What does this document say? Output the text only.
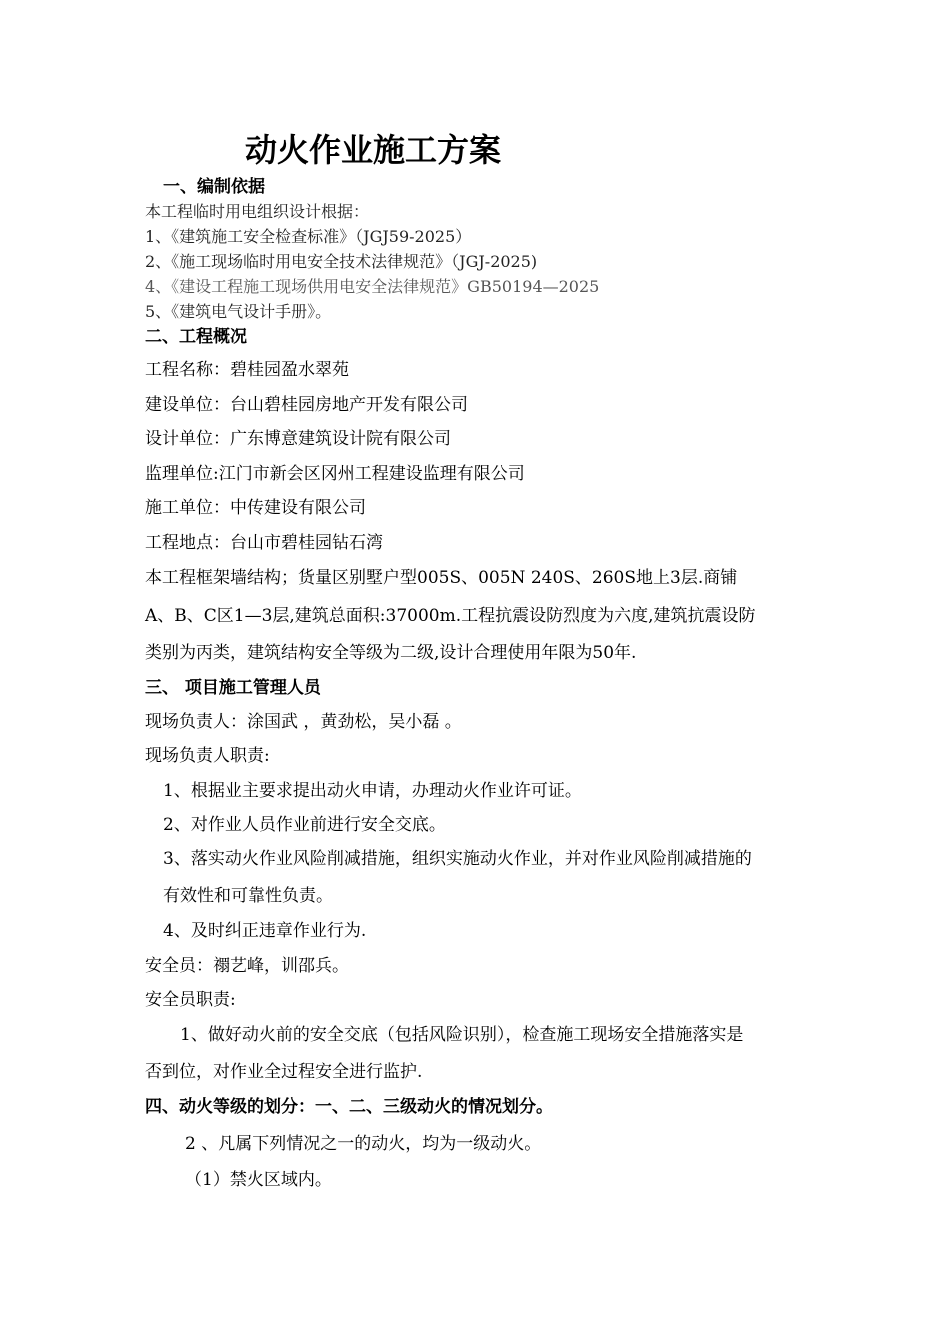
动火作业施工方案
一、编制依据
本工程临时用电组织设计根据：
1、《建筑施工安全检查标准》（JGJ59-2025）
2、《施工现场临时用电安全技术法律规范》（JGJ-2025)
4、《建设工程施工现场供用电安全法律规范》GB50194—2025
5、《建筑电气设计手册》。
二、工程概况
工程名称：碧桂园盈水翠苑
建设单位：台山碧桂园房地产开发有限公司
设计单位：广东博意建筑设计院有限公司
监理单位:江门市新会区冈州工程建设监理有限公司
施工单位：中传建设有限公司
工程地点：台山市碧桂园钻石湾
本工程框架墙结构；货量区别墅户型005S、005N 240S、260S地上3层.商铺
A、B、C区1—3层,建筑总面积:37000m.工程抗震设防烈度为六度,建筑抗震设防
类别为丙类，建筑结构安全等级为二级,设计合理使用年限为50年.
三、 项目施工管理人员
现场负责人：涂国武 ，黄劲松，吴小磊 。
现场负责人职责:
1、根据业主要求提出动火申请，办理动火作业许可证。
2、对作业人员作业前进行安全交底。
3、落实动火作业风险削减措施，组织实施动火作业，并对作业风险削减措施的
有效性和可靠性负责。
4、及时纠正违章作业行为.
安全员：禤艺峰，训邵兵。
安全员职责:
1、做好动火前的安全交底（包括风险识别），检查施工现场安全措施落实是
否到位，对作业全过程安全进行监护.
四、动火等级的划分：一、二、三级动火的情况划分。
2 、凡属下列情况之一的动火，均为一级动火。
（1）禁火区域内。
